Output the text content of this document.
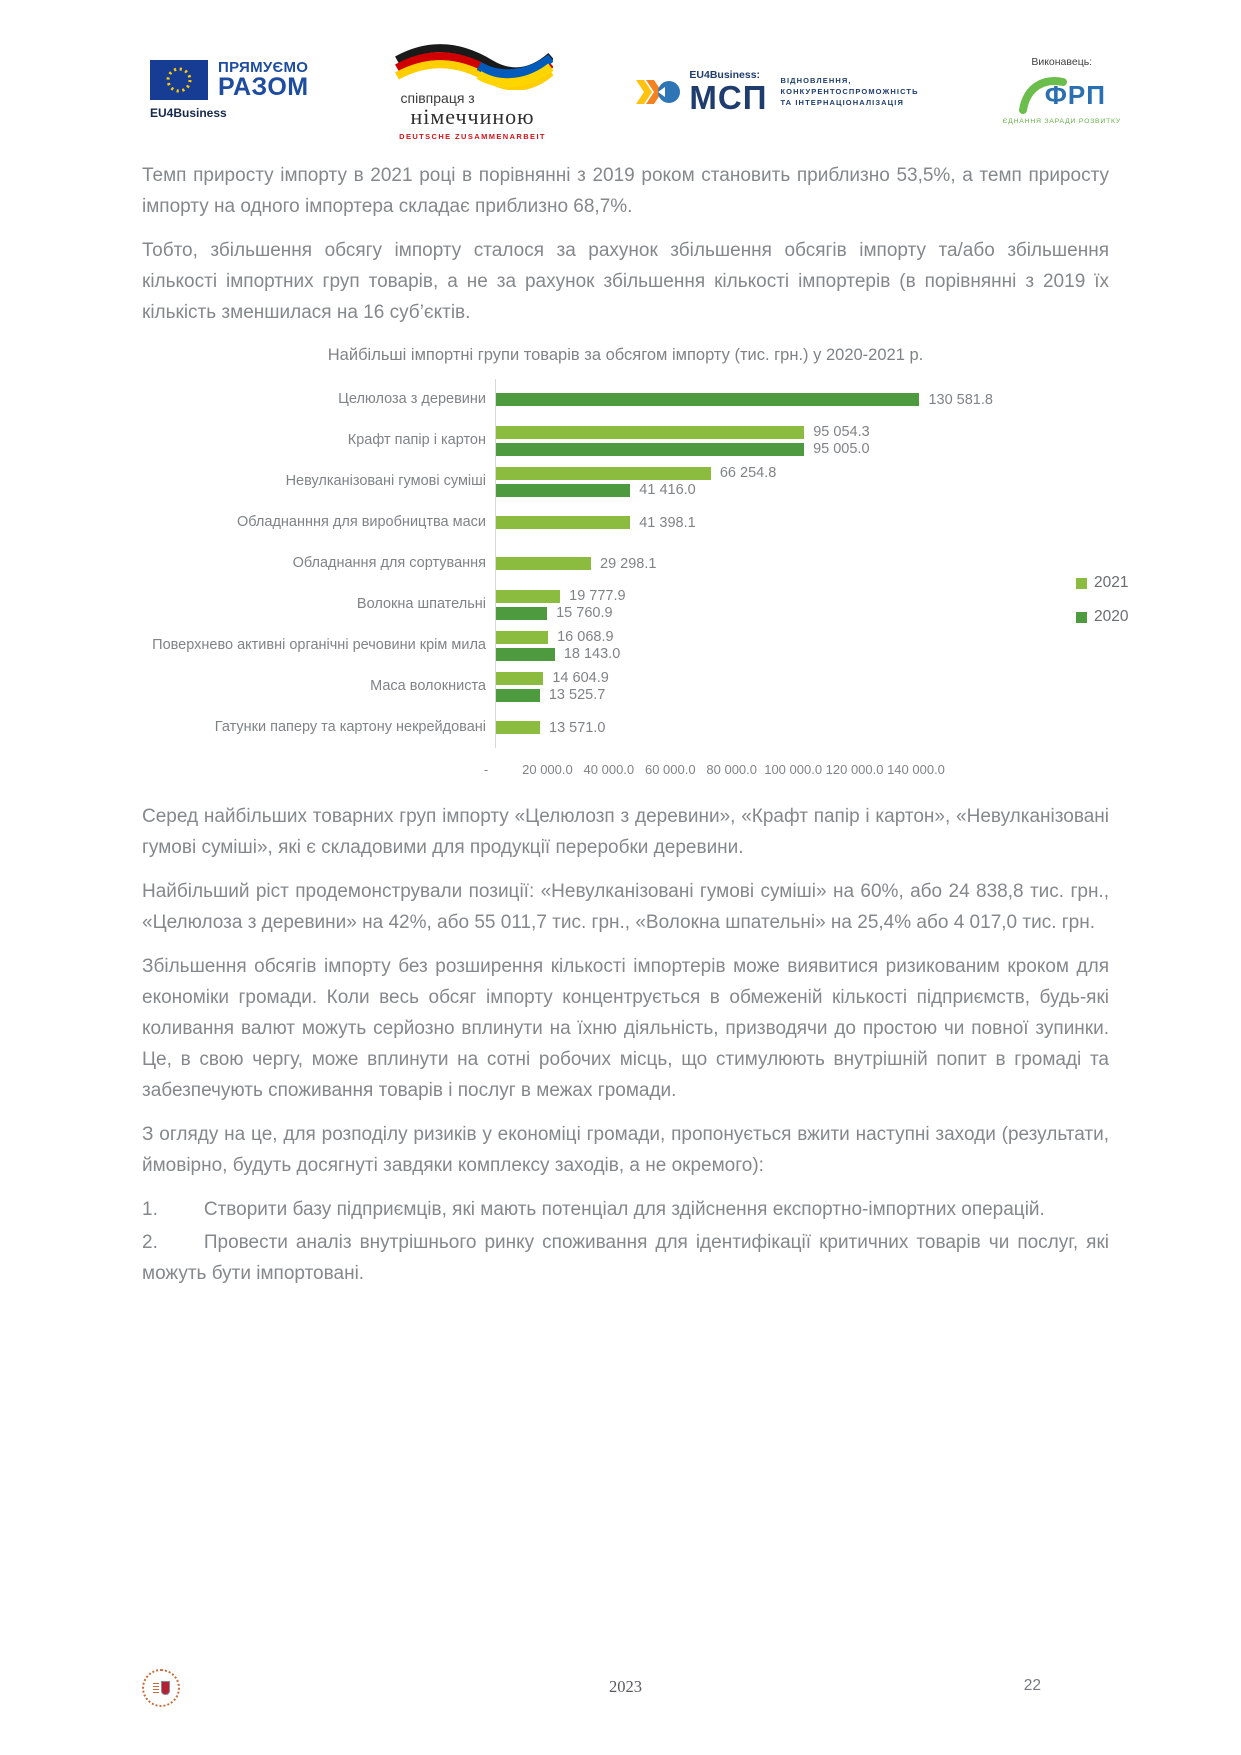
ПРЯМУЄМО
РАЗОМ
EU4Business
співпраця з
німеччиною
DEUTSCHE ZUSAMMENARBEIT
EU4Business:
МСП ВІДНОВЛЕННЯ,
КОНКУРЕНТОСПРОМОЖНІСТЬ
ТА ІНТЕРНАЦІОНАЛІЗАЦІЯ
Виконавець:
ФРП
ЄДНАННЯ ЗАРАДИ РОЗВИТКУ

Темп приросту імпорту в 2021 році в порівнянні з 2019 роком становить приблизно 53,5%, а темп приросту імпорту на одного імпортера складає приблизно 68,7%.

Тобто, збільшення обсягу імпорту сталося за рахунок збільшення обсягів імпорту та/або збільшення кількості імпортних груп товарів, а не за рахунок збільшення кількості імпортерів (в порівнянні з 2019 їх кількість зменшилася на 16 суб’єктів.

Найбільші імпортні групи товарів за обсягом імпорту (тис. грн.) у 2020-2021 р.
Целюлоза з деревини	130 581.8
Крафт папір і картон	95 054.3
95 005.0
Невулканізовані гумові суміші	66 254.8
41 416.0
Обладнанння для виробництва маси	41 398.1
Обладнання для сортування	29 298.1
Волокна шпательні	19 777.9
15 760.9
Поверхнево активні органічні речовини крім мила	16 068.9
18 143.0
Маса волокниста	14 604.9
13 525.7
Гатунки паперу та картону некрейдовані	13 571.0
-	20 000.0 40 000.0 60 000.0 80 000.0 100 000.0 120 000.0 140 000.0
2021
2020

Серед найбільших товарних груп імпорту «Целюлозп з деревини», «Крафт папір і картон», «Невулканізовані гумові суміші», які є складовими для продукції переробки деревини.

Найбільший ріст продемонстрували позиції: «Невулканізовані гумові суміші» на 60%, або 24 838,8 тис. грн., «Целюлоза з деревини» на 42%, або 55 011,7 тис. грн., «Волокна шпательні» на 25,4% або 4 017,0 тис. грн.

Збільшення обсягів імпорту без розширення кількості імпортерів може виявитися ризикованим кроком для економіки громади. Коли весь обсяг імпорту концентрується в обмеженій кількості підприємств, будь-які коливання валют можуть серйозно вплинути на їхню діяльність, призводячи до простою чи повної зупинки. Це, в свою чергу, може вплинути на сотні робочих місць, що стимулюють внутрішній попит в громаді та забезпечують споживання товарів і послуг в межах громади.

З огляду на це, для розподілу ризиків у економіці громади, пропонується вжити наступні заходи (результати, ймовірно, будуть досягнуті завдяки комплексу заходів, а не окремого):

1. Створити базу підприємців, які мають потенціал для здійснення експортно-імпортних операцій.

2. Провести аналіз внутрішнього ринку споживання для ідентифікації критичних товарів чи послуг, які можуть бути імпортовані.

2023	22
